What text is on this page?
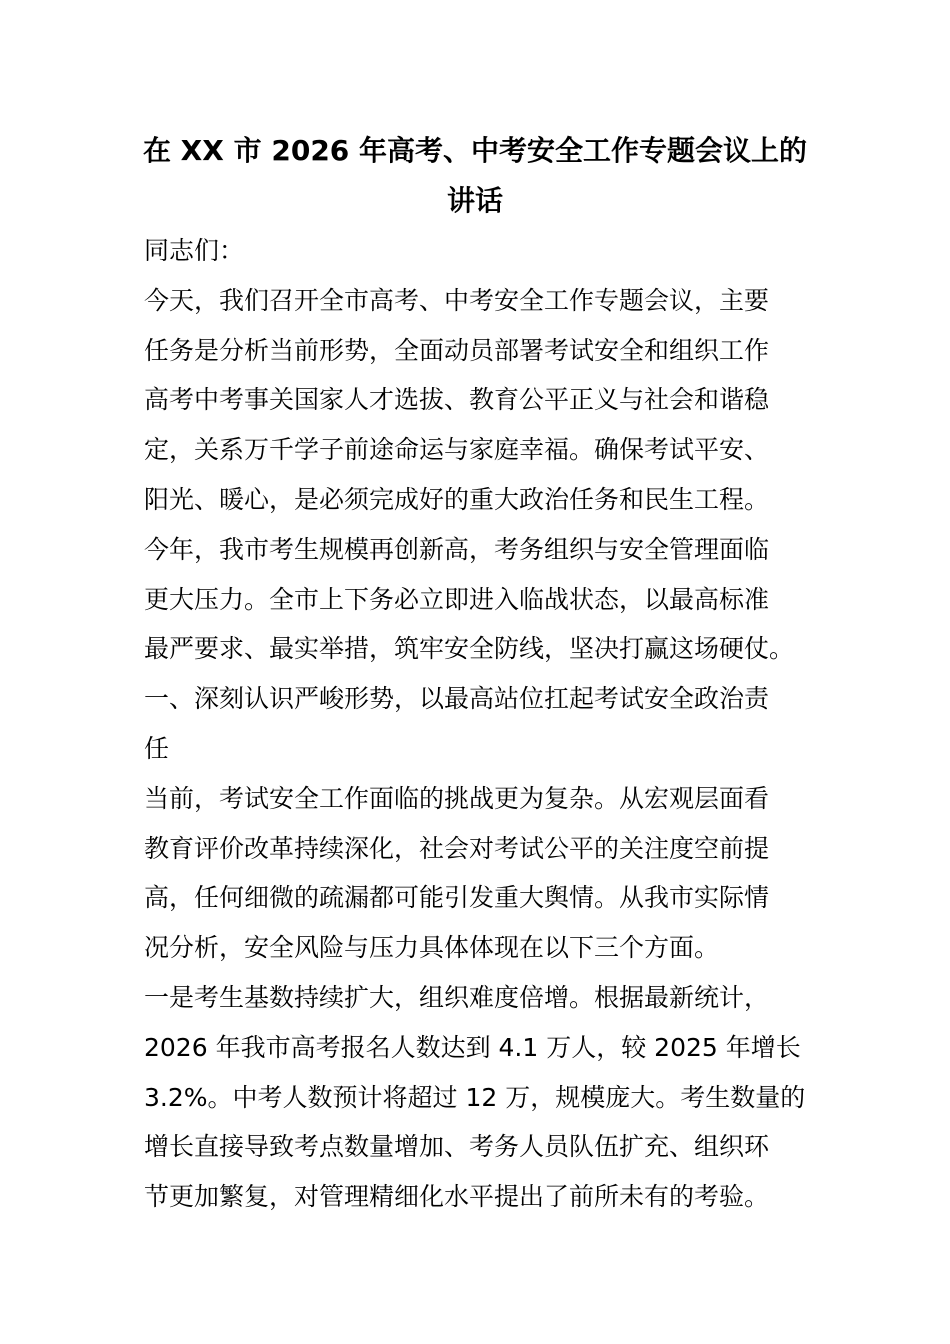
在 XX 市 2026 年高考、中考安全工作专题会议上的
讲话
同志们：
今天，我们召开全市高考、中考安全工作专题会议，主要
任务是分析当前形势，全面动员部署考试安全和组织工作
高考中考事关国家人才选拔、教育公平正义与社会和谐稳
定，关系万千学子前途命运与家庭幸福。确保考试平安、
阳光、暖心，是必须完成好的重大政治任务和民生工程。
今年，我市考生规模再创新高，考务组织与安全管理面临
更大压力。全市上下务必立即进入临战状态，以最高标准
最严要求、最实举措，筑牢安全防线，坚决打赢这场硬仗。
一、深刻认识严峻形势，以最高站位扛起考试安全政治责
任
当前，考试安全工作面临的挑战更为复杂。从宏观层面看
教育评价改革持续深化，社会对考试公平的关注度空前提
高，任何细微的疏漏都可能引发重大舆情。从我市实际情
况分析，安全风险与压力具体体现在以下三个方面。
一是考生基数持续扩大，组织难度倍增。根据最新统计，
2026 年我市高考报名人数达到 4.1 万人，较 2025 年增长
3.2%。中考人数预计将超过 12 万，规模庞大。考生数量的
增长直接导致考点数量增加、考务人员队伍扩充、组织环
节更加繁复，对管理精细化水平提出了前所未有的考验。
